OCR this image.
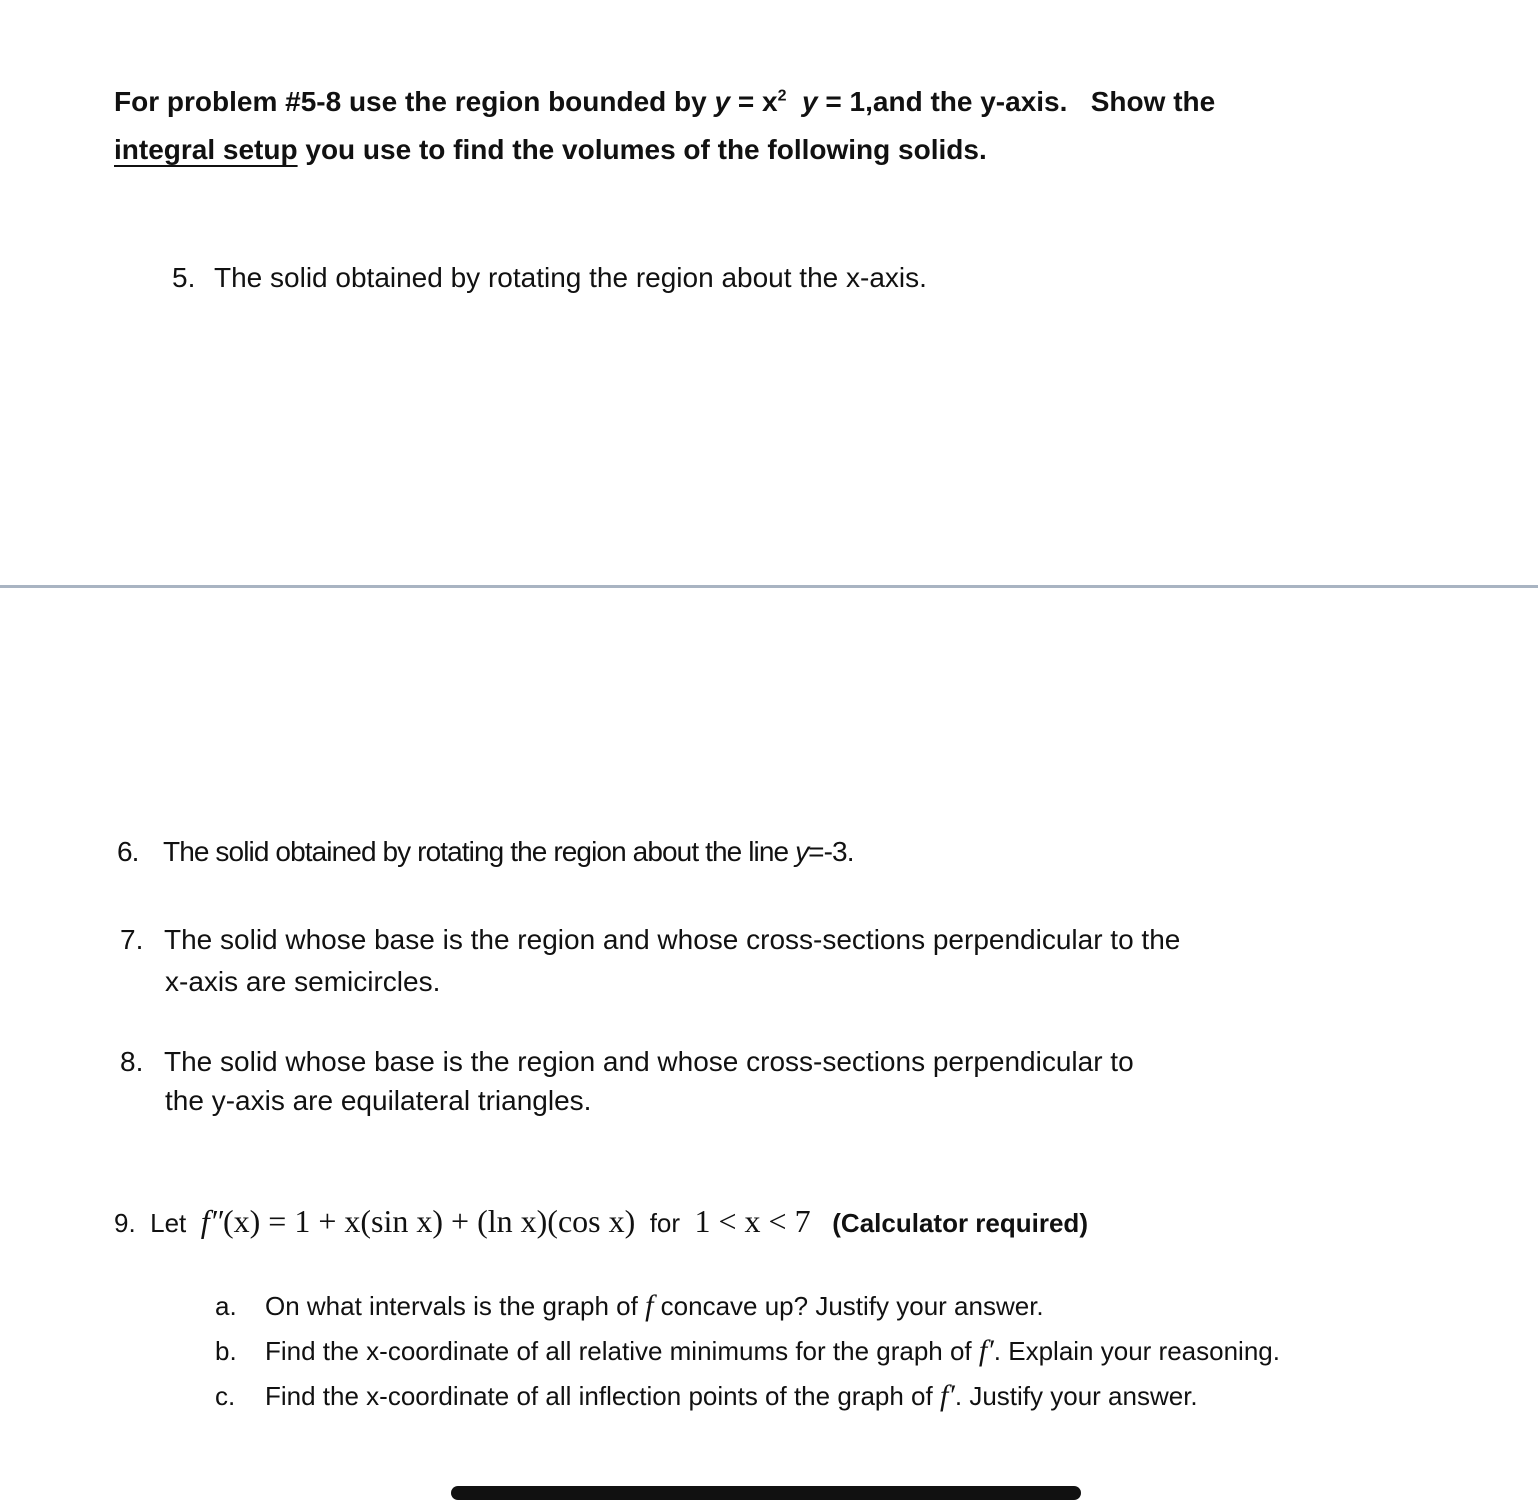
For problem #5-8 use the region bounded by $y = x^2$ y = 1,and the y-axis. Show the
integral setup you use to find the volumes of the following solids.
5. The solid obtained by rotating the region about the x-axis.
6. The solid obtained by rotating the region about the line y=-3.
7. The solid whose base is the region and whose cross-sections perpendicular to the
x-axis are semicircles.
8. The solid whose base is the region and whose cross-sections perpendicular to
the y-axis are equilateral triangles.
9. Let f″(x) = 1 + x(sin x) + (ln x)(cos x) for 1 < x < 7 (Calculator required)
a. On what intervals is the graph of f concave up? Justify your answer.
b. Find the x-coordinate of all relative minimums for the graph of f′. Explain your reasoning.
c. Find the x-coordinate of all inflection points of the graph of f′. Justify your answer.
